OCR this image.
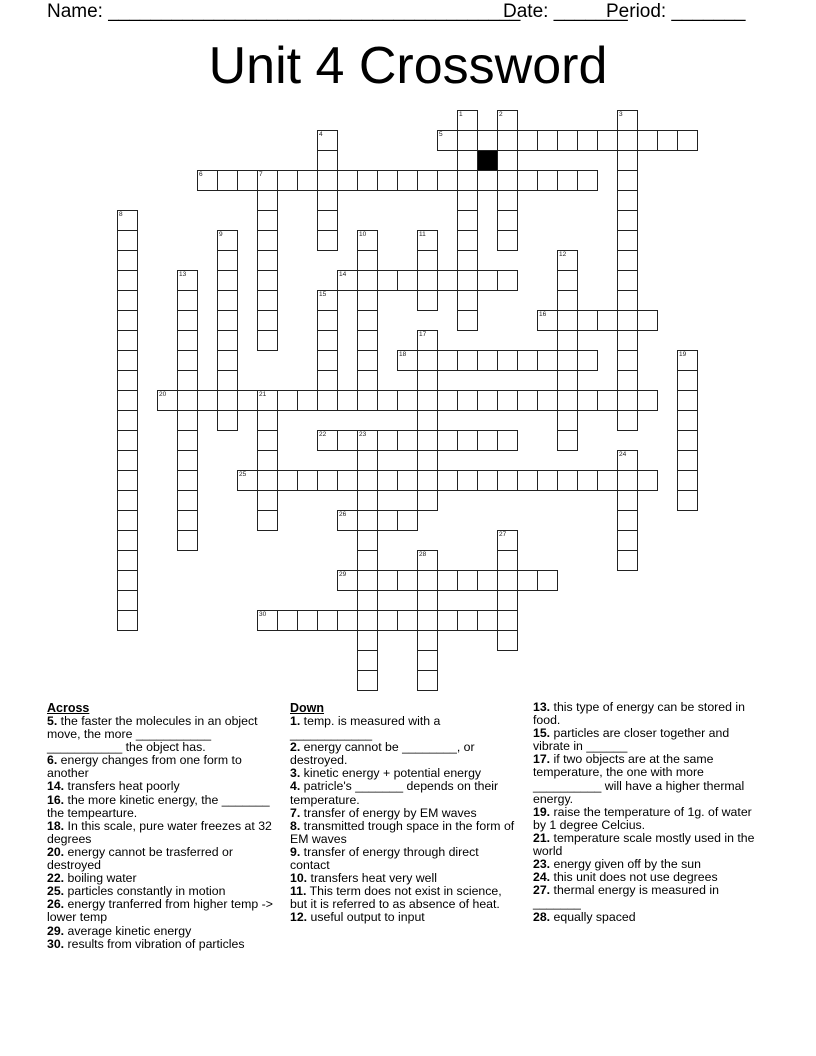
Name: _______________________________________
Date: _______
Period: _______
Unit 4 Crossword
1	2	3
4	5
6	7
8
9	10	11
12
13	14
15
16
17
18	19
20	21
22	23
24
25
26
27
28
29
30
Across
5. the faster the molecules in an object move, the more ___________ ___________ the object has.
6. energy changes from one form to another
14. transfers heat poorly
16. the more kinetic energy, the _______ the tempearture.
18. In this scale, pure water freezes at 32 degrees
20. energy cannot be trasferred or destroyed
22. boiling water
25. particles constantly in motion
26. energy tranferred from higher temp -> lower temp
29. average kinetic energy
30. results from vibration of particles
Down
1. temp. is measured with a ____________
2. energy cannot be ________, or destroyed.
3. kinetic energy + potential energy
4. patricle's _______ depends on their temperature.
7. transfer of energy by EM waves
8. transmitted trough space in the form of EM waves
9. transfer of energy through direct contact
10. transfers heat very well
11. This term does not exist in science, but it is referred to as absence of heat.
12. useful output to input
13. this type of energy can be stored in food.
15. particles are closer together and vibrate in ______
17. if two objects are at the same temperature, the one with more __________ will have a higher thermal energy.
19. raise the temperature of 1g. of water by 1 degree Celcius.
21. temperature scale mostly used in the world
23. energy given off by the sun
24. this unit does not use degrees
27. thermal energy is measured in _______
28. equally spaced
